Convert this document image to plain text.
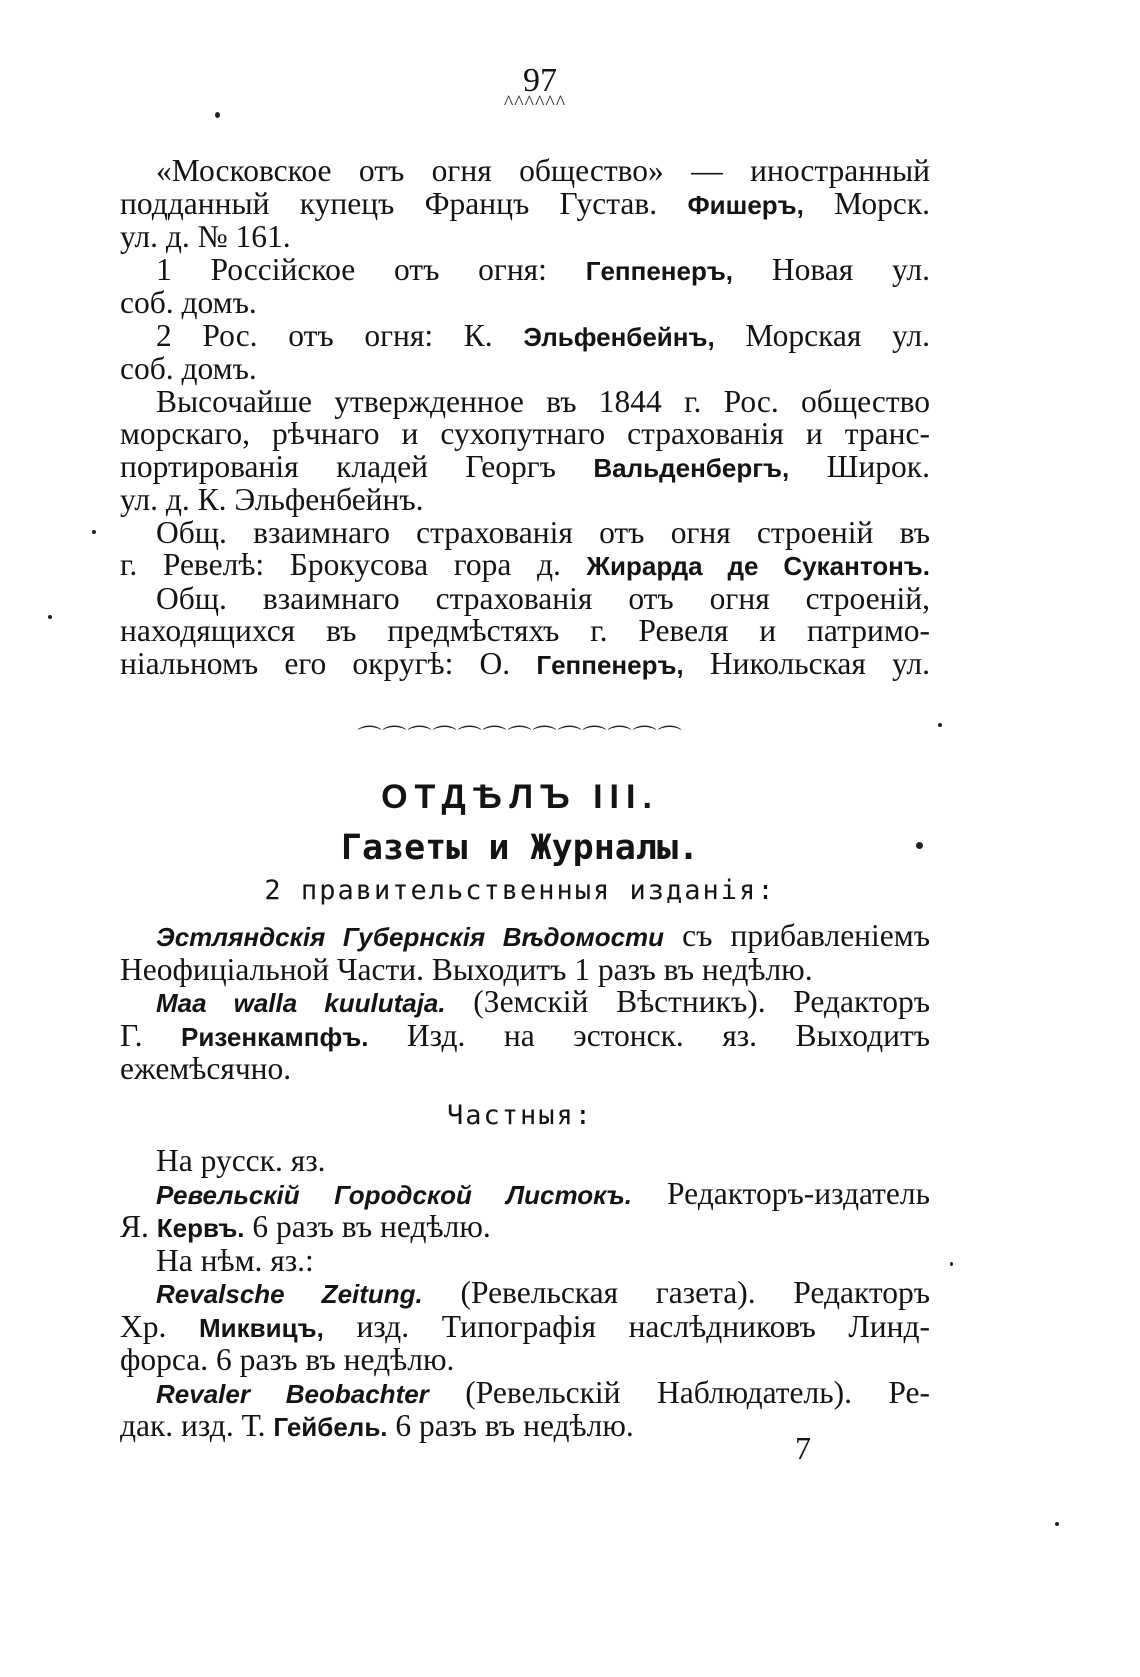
97
^^^^^^
«Московское отъ огня общество» — иностранный
подданный купецъ Францъ Густав. Фишеръ, Морск.
ул. д. № 161.
1 Россiйское отъ огня: Гeппенеръ, Новая ул.
соб. домъ.
2 Рос. отъ огня: К. Эльфенбейнъ, Морская ул.
соб. домъ.
Высочайше утвержденное въ 1844 г. Рос. общество
морскаго, рѣчнаго и сухопутнаго страхованiя и транс-
портированiя кладей Георгъ Вальденбергъ, Широк.
ул. д. К. Эльфенбейнъ.
Общ. взаимнаго страхованiя отъ огня строенiй въ
г. Ревелѣ: Брокусова гора д. Жирарда де Сукантонъ.
Общ. взаимнаго страхованiя отъ огня строенiй,
находящихся въ предмѣстяхъ г. Ревеля и патримо-
нiальномъ его округѣ: О. Гeппенеръ, Никольская ул.
⌒⌒⌒⌒⌒⌒⌒⌒⌒⌒⌒⌒⌒
ОТДѢЛЪ III.
Газеты и Журналы.
2 правительственныя изданiя:
Эстляндскiя Губернскiя Вѣдомости съ прибавленiемъ
Неофицiальной Части. Выходитъ 1 разъ въ недѣлю.
Maa walla kuulutaja. (Земскiй Вѣстникъ). Редакторъ
Г. Ризенкампфъ. Изд. на эстонск. яз. Выходитъ
ежемѣсячно.
Частныя:
На русск. яз.
Ревельскiй Городской Листокъ. Редакторъ-издатель
Я. Кервъ. 6 разъ въ недѣлю.
На нѣм. яз.:
Revalsche Zeitung. (Ревельская газета). Редакторъ
Хр. Миквицъ, изд. Типографiя наслѣдниковъ Линд-
форса. 6 разъ въ недѣлю.
Revaler Beobachter (Ревельскiй Наблюдатель). Ре-
дак. изд. Т. Гейбель. 6 разъ въ недѣлю.
7
